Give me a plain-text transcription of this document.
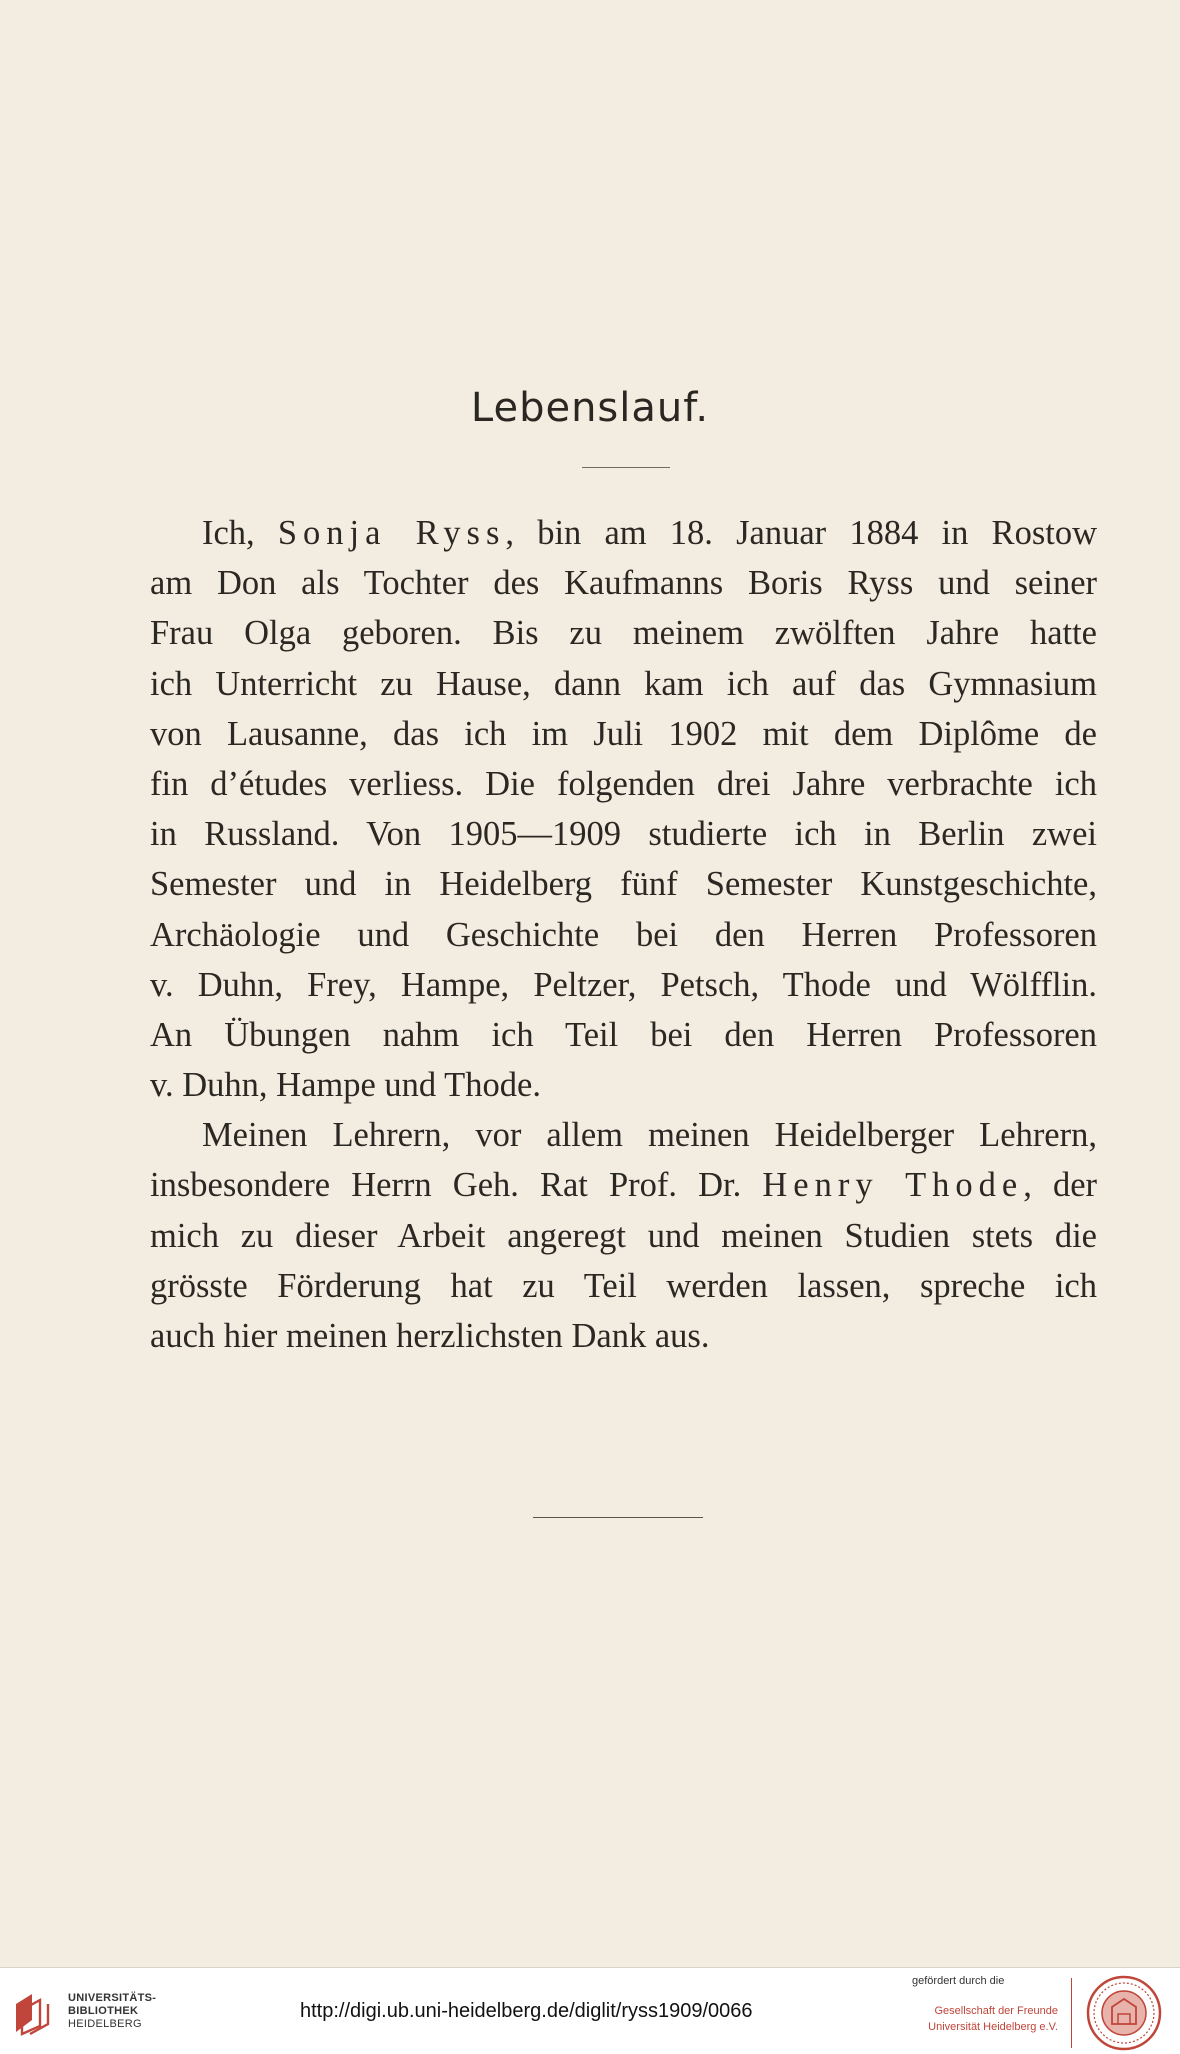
Lebenslauf.
Ich, Sonja Ryss, bin am 18. Januar 1884 in Rostow
am Don als Tochter des Kaufmanns Boris Ryss und seiner
Frau Olga geboren. Bis zu meinem zwölften Jahre hatte
ich Unterricht zu Hause, dann kam ich auf das Gymnasium
von Lausanne, das ich im Juli 1902 mit dem Diplôme de
fin d’études verliess. Die folgenden drei Jahre verbrachte ich
in Russland. Von 1905—1909 studierte ich in Berlin zwei
Semester und in Heidelberg fünf Semester Kunstgeschichte,
Archäologie und Geschichte bei den Herren Professoren
v. Duhn, Frey, Hampe, Peltzer, Petsch, Thode und Wölfflin.
An Übungen nahm ich Teil bei den Herren Professoren
v. Duhn, Hampe und Thode.
Meinen Lehrern, vor allem meinen Heidelberger Lehrern,
insbesondere Herrn Geh. Rat Prof. Dr. Henry Thode, der
mich zu dieser Arbeit angeregt und meinen Studien stets die
grösste Förderung hat zu Teil werden lassen, spreche ich
auch hier meinen herzlichsten Dank aus.
UNIVERSITÄTS-
BIBLIOTHEK
HEIDELBERG
http://digi.ub.uni-heidelberg.de/diglit/ryss1909/0066
gefördert durch die
Gesellschaft der Freunde
Universität Heidelberg e.V.
